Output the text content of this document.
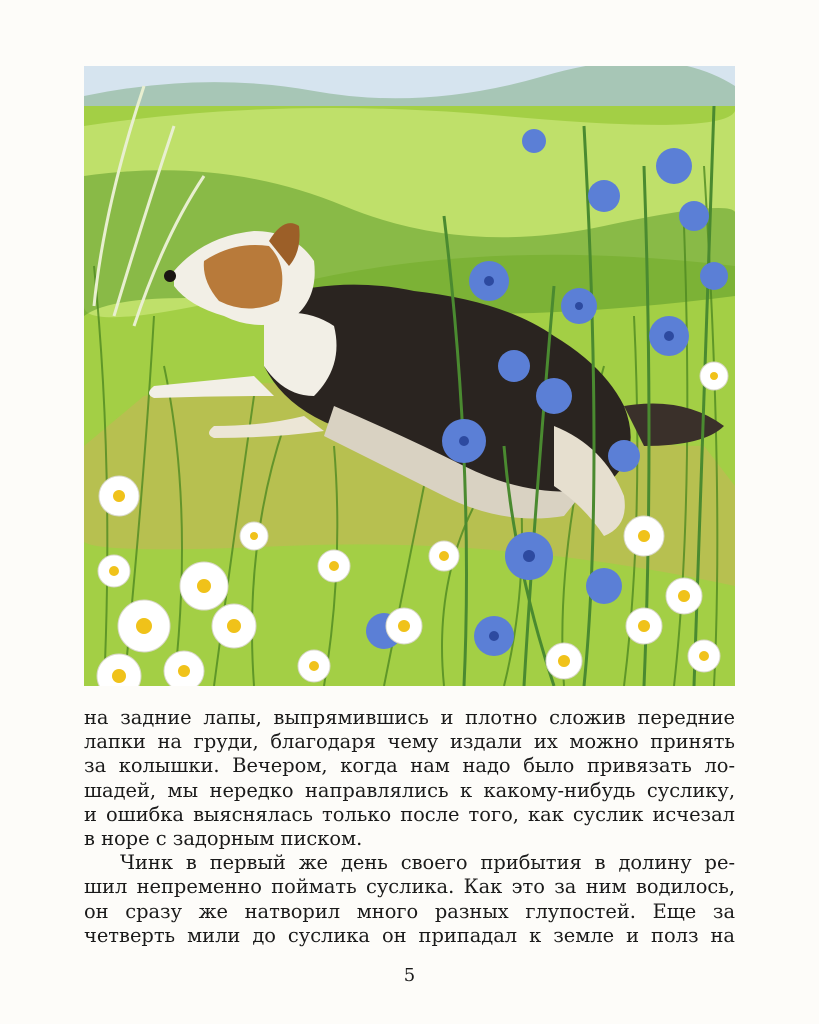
на задние лапы, выпрямившись и плотно сложив передние
лапки на груди, благодаря чему издали их можно принять
за колышки. Вечером, когда нам надо было привязать ло-
шадей, мы нередко направлялись к какому-нибудь суслику,
и ошибка выяснялась только после того, как суслик исчезал
в норе с задорным писком.

Чинк в первый же день своего прибытия в долину ре-
шил непременно поймать суслика. Как это за ним водилось,
он сразу же натворил много разных глупостей. Еще за
четверть мили до суслика он припадал к земле и полз на

5
